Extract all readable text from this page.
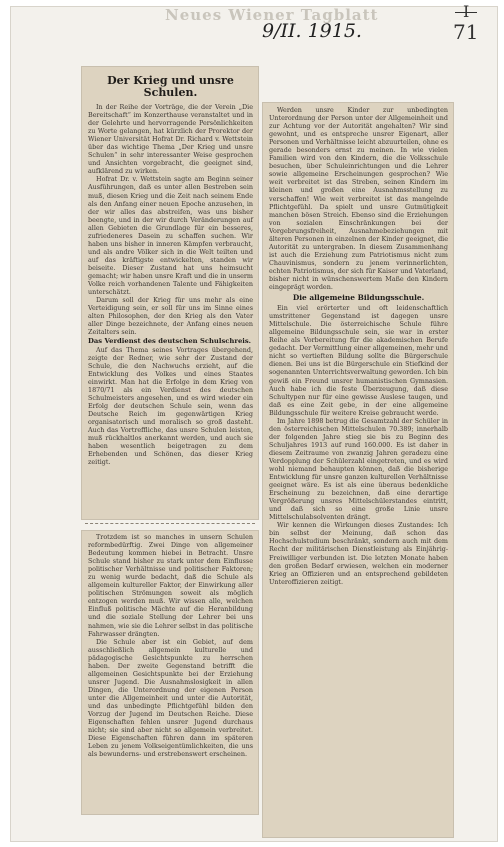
Neues Wiener Tagblatt
9/II. 1915.	71
Der Krieg und unsre Schulen.

In der Reihe der Vorträge, die der Verein „Die Bereitschaft“ im Konzerthause veranstaltet und in der Gelehrte und hervorragende Persönlichkeiten zu Worte gelangen, hat kürzlich der Prorektor der Wiener Universität Hofrat Dr. Richard v. Wettstein über das wichtige Thema „Der Krieg und unsre Schulen“ in sehr interessanter Weise gesprochen und Ansichten vorgebracht, die geeignet sind, aufklärend zu wirken.

Hofrat Dr. v. Wettstein sagte am Beginn seiner Ausführungen, daß es unter allen Bestreben sein muß, diesen Krieg und die Zeit nach seinem Ende als den Anfang einer neuen Epoche anzusehen, in der wir alles das abstreifen, was uns bisher beengte, und in der wir durch Veränderungen auf allen Gebieten die Grundlage für ein besseres, zufriedeneres Dasein zu schaffen suchen. Wir haben uns bisher in inneren Kämpfen verbraucht, und als andre Völker sich in die Welt teilten und auf das kräftigste entwickelten, standen wir beiseite. Dieser Zustand hat uns heimsucht gemacht; wir haben unsre Kraft und die in unserm Volke reich vorhandenen Talente und Fähigkeiten unterschätzt.

Darum soll der Krieg für uns mehr als eine Verteidigung sein, er soll für uns im Sinne eines alten Philosophen, der den Krieg als den Vater aller Dinge bezeichnete, der Anfang eines neuen Zeitalters sein.

Das Verdienst des deutschen Schulschreis.

Auf das Thema seines Vortrages übergehend, zeigte der Redner, wie sehr der Zustand der Schule, die den Nachwuchs erzieht, auf die Entwicklung des Volkes und eines Staates einwirkt. Man hat die Erfolge in dem Krieg von 1870/71 als ein Verdienst des deutschen Schulmeisters angesehen, und es wird wieder ein Erfolg der deutschen Schule sein, wenn das Deutsche Reich im gegenwärtigen Krieg organisatorisch und moralisch so groß dasteht. Auch das Vortreffliche, das unsre Schulen leisten, muß rückhaltlos anerkannt werden, und auch sie haben wesentlich beigetragen zu dem Erhebenden und Schönen, das dieser Krieg zeitigt.

Trotzdem ist so manches in unsern Schulen reformbedürftig. Zwei Dinge von allgemeiner Bedeutung kommen hiebei in Betracht. Unsre Schule stand bisher zu stark unter dem Einflusse politischer Verhältnisse und politischer Faktoren; zu wenig wurde bedacht, daß die Schule als allgemein kultureller Faktor, der Einwirkung aller politischen Strömungen soweit als möglich entzogen werden muß. Wir wissen alle, welchen Einfluß politische Mächte auf die Heranbildung und die soziale Stellung der Lehrer bei uns nahmen, wie sie die Lehrer selbst in das politische Fahrwasser drängten.

Die Schule aber ist ein Gebiet, auf dem ausschließlich allgemein kulturelle und pädagogische Gesichtspunkte zu herrschen haben. Der zweite Gegenstand betrifft die allgemeinen Gesichtspunkte bei der Erziehung unsrer Jugend. Die Ausnahmslosigkeit in allen Dingen, die Unterordnung der eigenen Person unter die Allgemeinheit und unter die Autorität, und das unbedingte Pflichtgefühl bilden den Vorzug der Jugend im Deutschen Reiche. Diese Eigenschaften fehlen unsrer Jugend durchaus nicht; sie sind aber nicht so allgemein verbreitet. Diese Eigenschaften führen dann im späteren Leben zu jenem Volkseigentümlichkeiten, die uns als bewunderns- und erstrebenswert erscheinen.

Werden unsre Kinder zur unbedingten Unterordnung der Person unter der Allgemeinheit und zur Achtung vor der Autorität angehalten? Wir sind gewohnt, und es entspreche unsrer Eigenart, aller Personen und Verhältnisse leicht abzuurteilen, ohne es gerade besonders ernst zu meinen. In wie vielen Familien wird von den Kindern, die die Volksschule besuchen, über Schuleinrichtungen und die Lehrer sowie allgemeine Erscheinungen gesprochen? Wie weit verbreitet ist das Streben, seinen Kindern im kleinen und großen eine Ausnahmsstellung zu verschaffen! Wie weit verbreitet ist das mangelnde Pflichtgefühl. Da spielt und unsre Gutmütigkeit manchen bösen Streich. Ebenso sind die Erziehungen von sozialen Einschränkungen bei der Vorgebrungsfreiheit, Ausnahmebeziehungen mit älteren Personen in einzelnen der Kinder geeignet, die Autorität zu untergraben. In diesem Zusammenhang ist auch die Erziehung zum Patriotismus nicht zum Chauvinismus, sondern zu jenem verinnerlichten, echten Patriotismus, der sich für Kaiser und Vaterland, bisher nicht in wünschenswertem Maße den Kindern eingeprägt worden.

Die allgemeine Bildungsschule.

Ein viel erörterter und oft leidenschaftlich umstrittener Gegenstand ist dagegen unsre Mittelschule. Die österreichische Schule führe allgemeine Bildungsschule sein, sie war in erster Reihe als Vorbereitung für die akademischen Berufe gedacht. Der Vermittlung einer allgemeinen, mehr und nicht so vertieften Bildung sollte die Bürgerschule dienen. Bei uns ist die Bürgerschule ein Stiefkind der sogenannten Unterrichtsverwaltung geworden. Ich bin gewiß ein Freund unsrer humanistischen Gymnasien. Auch habe ich die feste Überzeugung, daß diese Schultypen nur für eine gewisse Auslese taugen, und daß es eine Zeit gebe, in der eine allgemeine Bildungsschule für weitere Kreise gebraucht werde.

Im Jahre 1898 betrug die Gesamtzahl der Schüler in den österreichischen Mittelschulen 70.389; innerhalb der folgenden Jahre stieg sie bis zu Beginn des Schuljahres 1913 auf rund 160.000. Es ist daher in diesem Zeitraume von zwanzig Jahren geradezu eine Verdopplung der Schülerzahl eingetreten, und es wird wohl niemand behaupten können, daß die bisherige Entwicklung für unsre ganzen kulturellen Verhältnisse geeignet wäre. Es ist als eine überaus bedenkliche Erscheinung zu bezeichnen, daß eine derartige Vergrößerung unsres Mittelschülerstandes eintritt, und daß sich so eine große Linie unsre Mittelschulabsolventen drängt.

Wir kennen die Wirkungen dieses Zustandes: Ich bin selbst der Meinung, daß schon das Hochschulstudium beschränkt, sondern auch mit dem Recht der militärischen Dienstleistung als Einjährig-Freiwilliger verbunden ist. Die letzten Monate haben den großen Bedarf erwiesen, welchen ein moderner Krieg an Offizieren und an entsprechend gebildeten Unteroffizieren zeitigt.
